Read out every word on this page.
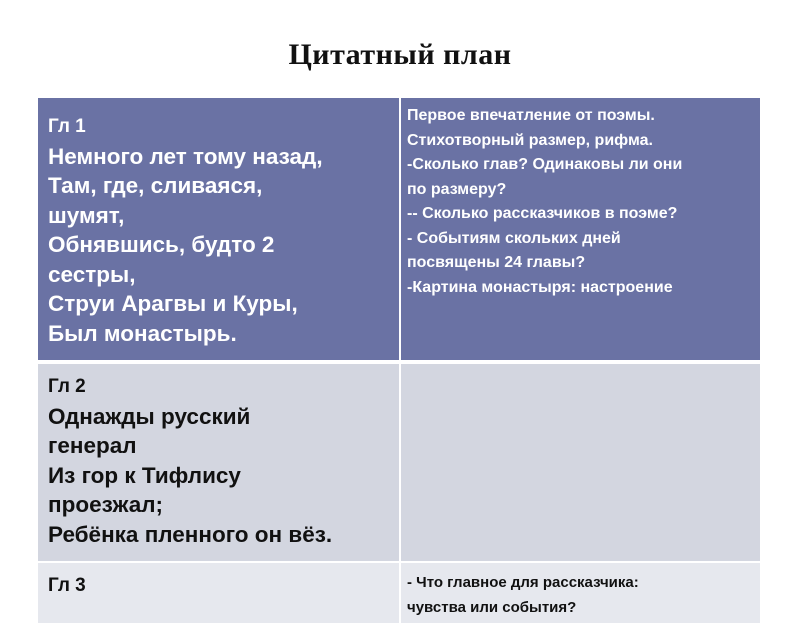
Цитатный план
Гл 1
Немного лет тому назад,
Там, где, сливаяся,
шумят,
Обнявшись, будто 2
сестры,
Струи Арагвы и Куры,
Был монастырь.
Первое впечатление от поэмы.
Стихотворный размер, рифма.
-Сколько глав? Одинаковы ли они
по размеру?
-- Сколько рассказчиков в поэме?
- Событиям скольких дней
посвящены 24 главы?
-Картина монастыря: настроение
Гл 2
Однажды русский
генерал
Из гор к Тифлису
проезжал;
Ребёнка пленного он вёз.
Гл 3	- Что главное для рассказчика:
чувства или события?
